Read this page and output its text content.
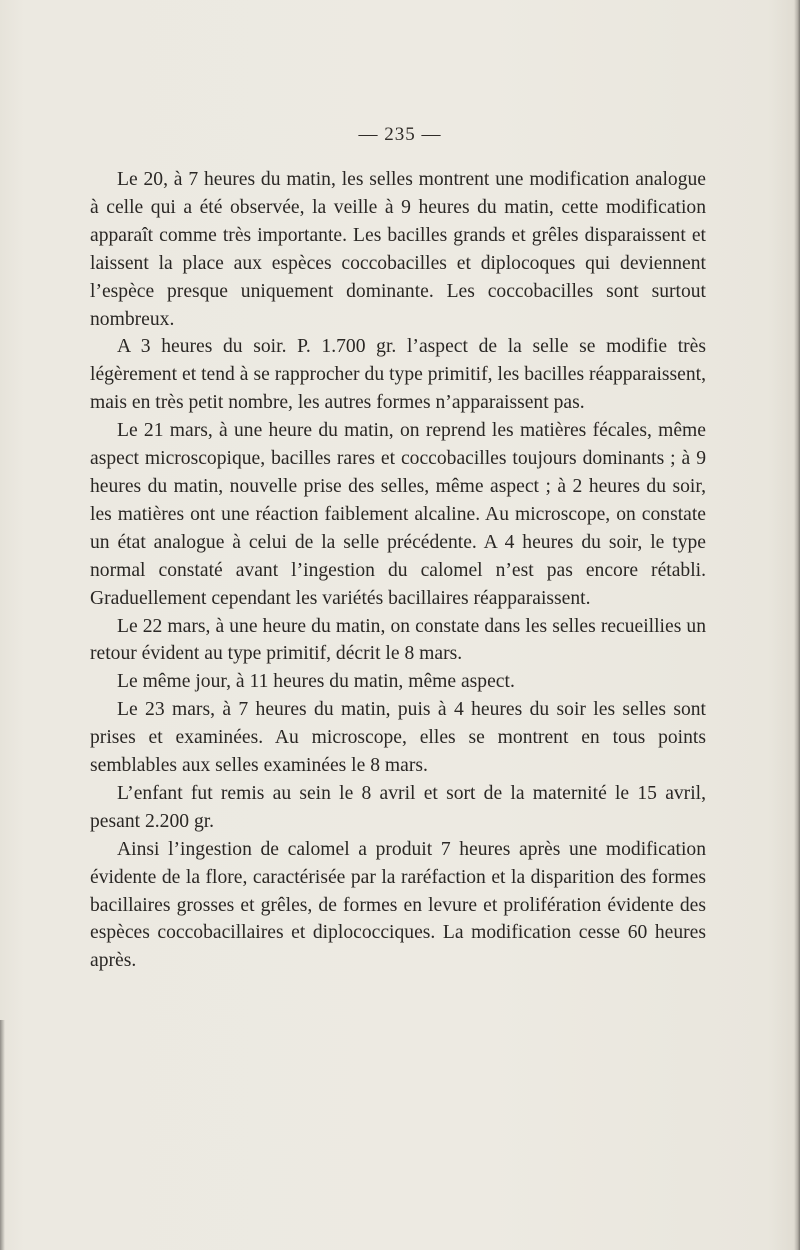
— 235 —

Le 20, à 7 heures du matin, les selles montrent une modification analogue à celle qui a été observée, la veille à 9 heures du matin, cette modification apparaît comme très importante. Les bacilles grands et grêles disparaissent et laissent la place aux espèces coccobacilles et diplocoques qui deviennent l’espèce presque uniquement dominante. Les coccobacilles sont surtout nombreux.

A 3 heures du soir. P. 1.700 gr. l’aspect de la selle se modifie très légèrement et tend à se rapprocher du type primitif, les bacilles réapparaissent, mais en très petit nombre, les autres formes n’apparaissent pas.

Le 21 mars, à une heure du matin, on reprend les matières fécales, même aspect microscopique, bacilles rares et coccobacilles toujours dominants ; à 9 heures du matin, nouvelle prise des selles, même aspect ; à 2 heures du soir, les matières ont une réaction faiblement alcaline. Au microscope, on constate un état analogue à celui de la selle précédente. A 4 heures du soir, le type normal constaté avant l’ingestion du calomel n’est pas encore rétabli. Graduellement cependant les variétés bacillaires réapparaissent.

Le 22 mars, à une heure du matin, on constate dans les selles recueillies un retour évident au type primitif, décrit le 8 mars.

Le même jour, à 11 heures du matin, même aspect.

Le 23 mars, à 7 heures du matin, puis à 4 heures du soir les selles sont prises et examinées. Au microscope, elles se montrent en tous points semblables aux selles examinées le 8 mars.

L’enfant fut remis au sein le 8 avril et sort de la maternité le 15 avril, pesant 2.200 gr.

Ainsi l’ingestion de calomel a produit 7 heures après une modification évidente de la flore, caractérisée par la raréfaction et la disparition des formes bacillaires grosses et grêles, de formes en levure et prolifération évidente des espèces coccobacillaires et diplococciques. La modification cesse 60 heures après.
